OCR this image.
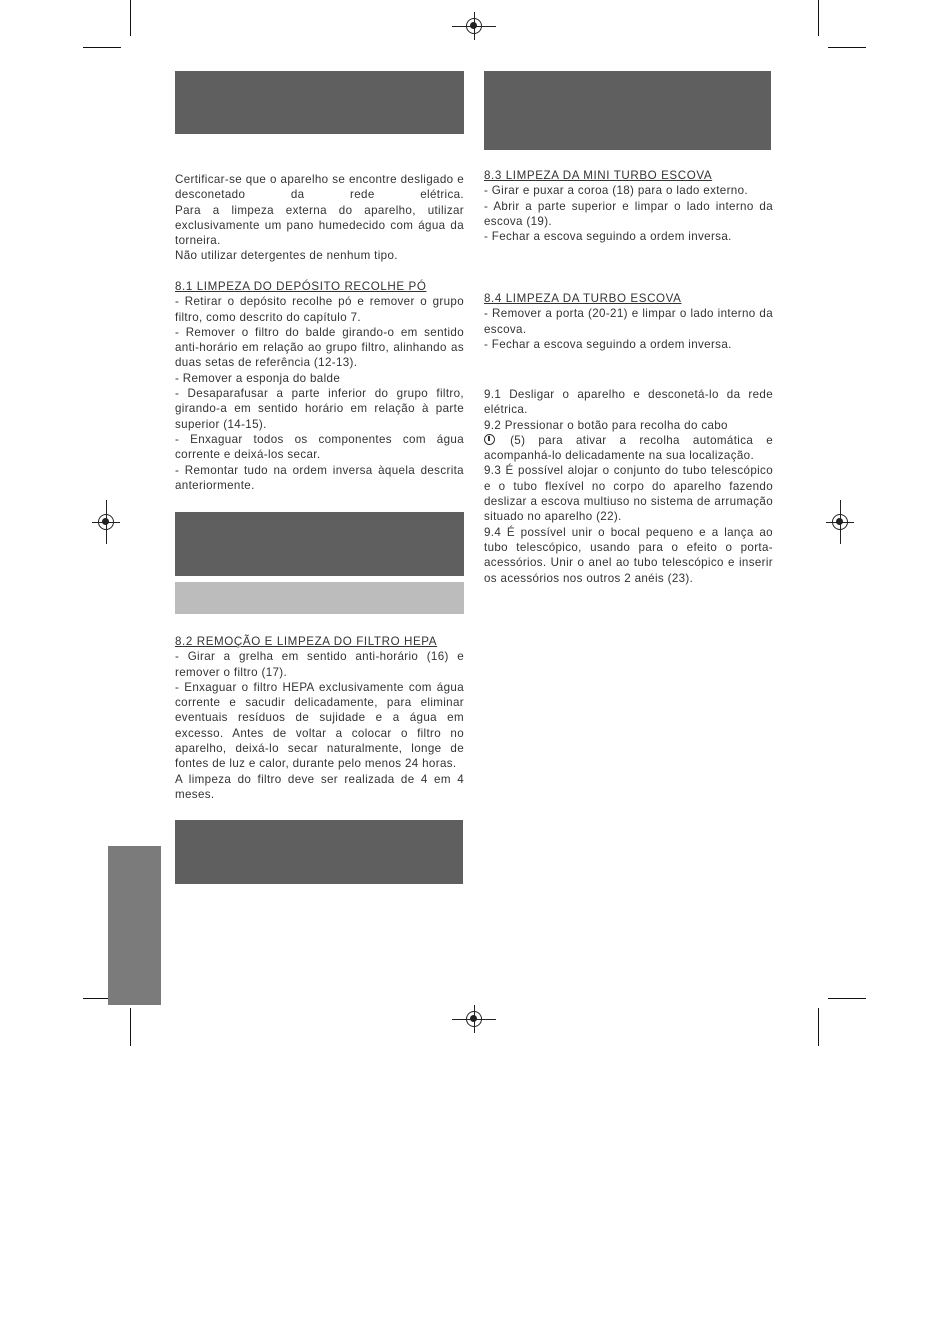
Certificar-se que o aparelho se encontre desligado e desconetado da rede elétrica.

Para a limpeza externa do aparelho, utilizar exclusivamente um pano humedecido com água da torneira.

Não utilizar detergentes de nenhum tipo.

8.1 LIMPEZA DO DEPÓSITO RECOLHE PÓ

- Retirar o depósito recolhe pó e remover o grupo filtro, como descrito do capítulo 7.

- Remover o filtro do balde girando-o em sentido anti-horário em relação ao grupo filtro, alinhando as duas setas de referência (12-13).

- Remover a esponja do balde

- Desaparafusar a parte inferior do grupo filtro, girando-a em sentido horário em relação à parte superior (14-15).

- Enxaguar todos os componentes com água corrente e deixá-los secar.

- Remontar tudo na ordem inversa àquela descrita anteriormente.

8.2 REMOÇÃO E LIMPEZA DO FILTRO HEPA

- Girar a grelha em sentido anti-horário (16) e remover o filtro (17).

- Enxaguar o filtro HEPA exclusivamente com água corrente e sacudir delicadamente, para eliminar eventuais resíduos de sujidade e a água em excesso. Antes de voltar a colocar o filtro no aparelho, deixá-lo secar naturalmente, longe de fontes de luz e calor, durante pelo menos 24 horas.

A limpeza do filtro deve ser realizada de 4 em 4 meses.

8.3 LIMPEZA DA MINI TURBO ESCOVA

- Girar e puxar a coroa (18) para o lado externo.

- Abrir a parte superior e limpar o lado interno da escova (19).

- Fechar a escova seguindo a ordem inversa.

8.4 LIMPEZA DA TURBO ESCOVA

- Remover a porta (20-21) e limpar o lado interno da escova.

- Fechar a escova seguindo a ordem inversa.

9.1 Desligar o aparelho e desconetá-lo da rede elétrica.

9.2 Pressionar o botão para recolha do cabo
(5) para ativar a recolha automática e acompanhá-lo delicadamente na sua localização.

9.3 É possível alojar o conjunto do tubo telescópico e o tubo flexível no corpo do aparelho fazendo deslizar a escova multiuso no sistema de arrumação situado no aparelho (22).

9.4 É possível unir o bocal pequeno e a lança ao tubo telescópico, usando para o efeito o porta-acessórios. Unir o anel ao tubo telescópico e inserir os acessórios nos outros 2 anéis (23).
